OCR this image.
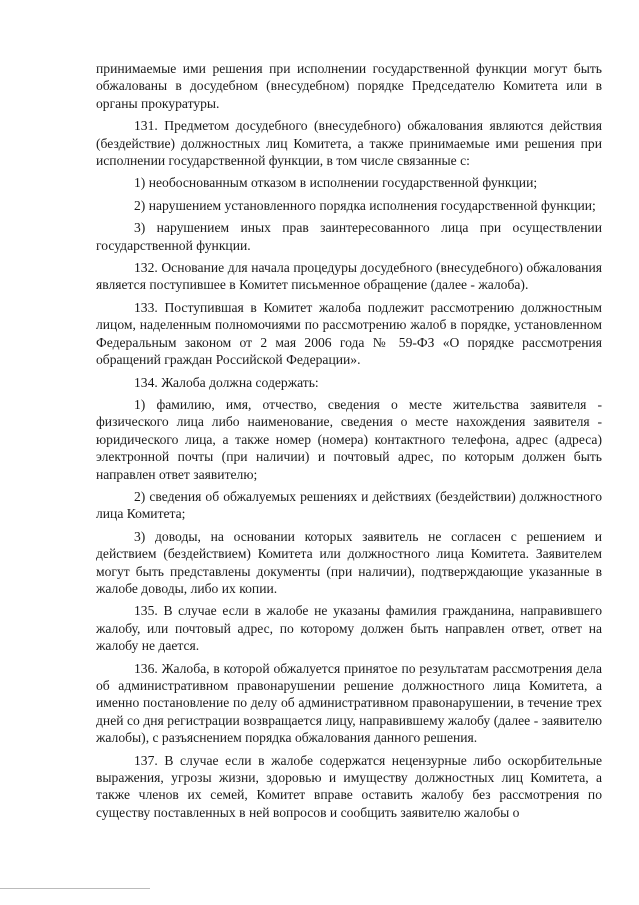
принимаемые ими решения при исполнении государственной функции могут быть обжалованы в досудебном (внесудебном) порядке Председателю Комитета или в органы прокуратуры.

131. Предметом досудебного (внесудебного) обжалования являются действия (бездействие) должностных лиц Комитета, а также принимаемые ими решения при исполнении государственной функции, в том числе связанные с:

1) необоснованным отказом в исполнении государственной функции;

2) нарушением установленного порядка исполнения государственной функции;

3) нарушением иных прав заинтересованного лица при осуществлении государственной функции.

132. Основание для начала процедуры досудебного (внесудебного) обжалования является поступившее в Комитет письменное обращение (далее - жалоба).

133. Поступившая в Комитет жалоба подлежит рассмотрению должностным лицом, наделенным полномочиями по рассмотрению жалоб в порядке, установленном Федеральным законом от 2 мая 2006 года № 59-ФЗ «О порядке рассмотрения обращений граждан Российской Федерации».

134. Жалоба должна содержать:

1) фамилию, имя, отчество, сведения о месте жительства заявителя - физического лица либо наименование, сведения о месте нахождения заявителя - юридического лица, а также номер (номера) контактного телефона, адрес (адреса) электронной почты (при наличии) и почтовый адрес, по которым должен быть направлен ответ заявителю;

2) сведения об обжалуемых решениях и действиях (бездействии) должностного лица Комитета;

3) доводы, на основании которых заявитель не согласен с решением и действием (бездействием) Комитета или должностного лица Комитета. Заявителем могут быть представлены документы (при наличии), подтверждающие указанные в жалобе доводы, либо их копии.

135. В случае если в жалобе не указаны фамилия гражданина, направившего жалобу, или почтовый адрес, по которому должен быть направлен ответ, ответ на жалобу не дается.

136. Жалоба, в которой обжалуется принятое по результатам рассмотрения дела об административном правонарушении решение должностного лица Комитета, а именно постановление по делу об административном правонарушении, в течение трех дней со дня регистрации возвращается лицу, направившему жалобу (далее - заявителю жалобы), с разъяснением порядка обжалования данного решения.

137. В случае если в жалобе содержатся нецензурные либо оскорбительные выражения, угрозы жизни, здоровью и имуществу должностных лиц Комитета, а также членов их семей, Комитет вправе оставить жалобу без рассмотрения по существу поставленных в ней вопросов и сообщить заявителю жалобы о
